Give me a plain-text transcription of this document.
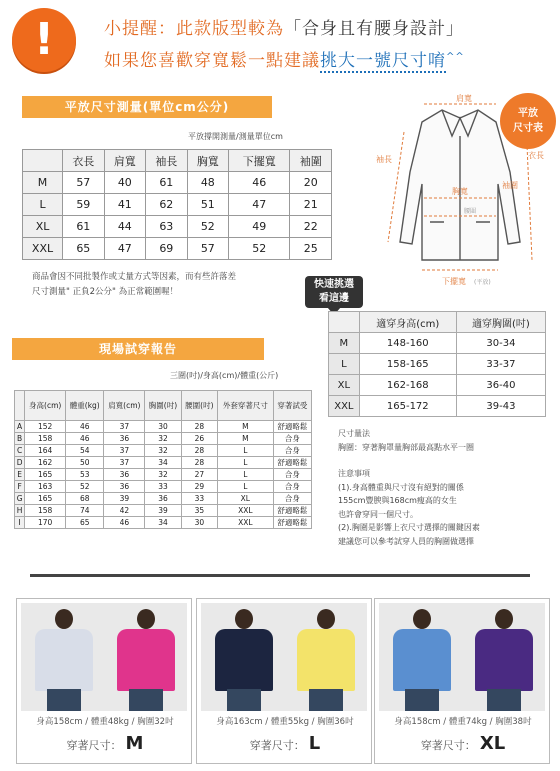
!	小提醒：此款版型較為「合身且有腰身設計」
如果您喜歡穿寬鬆一點建議挑大一號尺寸唷^^
平放尺寸測量(單位cm公分)
平放撐開測量/測量單位cm
	衣長	肩寬	袖長	胸寬	下擺寬	袖圍
M	57	40	61	48	46	20
L	59	41	62	51	47	21
XL	61	44	63	52	49	22
XXL	65	47	69	57	52	25
商品會因不同批製作或丈量方式等因素，而有些許落差
尺寸測量" 正負2公分" 為正常範圍喔！
肩寬
袖長	衣長
胸寬
袖圍
腰圍
下擺寬 (平放)
平放
尺寸表
快速挑選
看這邊
	適穿身高(cm)	適穿胸圍(吋)
M	148-160	30-34
L	158-165	33-37
XL	162-168	36-40
XXL	165-172	39-43
現場試穿報告
三圍(吋)/身高(cm)/體重(公斤)
	身高(cm)	體重(kg)	肩寬(cm)	胸圍(吋)	腰圍(吋)	外套穿著尺寸	穿著試受
A	152	46	37	30	28	M	舒適略鬆
B	158	46	36	32	26	M	合身
C	164	54	37	32	28	L	合身
D	162	50	37	34	28	L	舒適略鬆
E	165	53	36	32	27	L	合身
F	163	52	36	33	29	L	合身
G	165	68	39	36	33	XL	合身
H	158	74	42	39	35	XXL	舒適略鬆
I	170	65	46	34	30	XXL	舒適略鬆
尺寸量法
胸圍：穿著胸罩量胸部最高點水平一圈
注意事項
(1).身高體重與尺寸沒有絕對的關係
155cm豐腴與168cm瘦高的女生
也許會穿同一個尺寸。
(2).胸圍是影響上衣尺寸選擇的關鍵因素
建議您可以參考試穿人員的胸圍做選擇
身高158cm / 體重48kg / 胸圍32吋
穿著尺寸： M
身高163cm / 體重55kg / 胸圍36吋
穿著尺寸： L
身高158cm / 體重74kg / 胸圍38吋
穿著尺寸： XL
